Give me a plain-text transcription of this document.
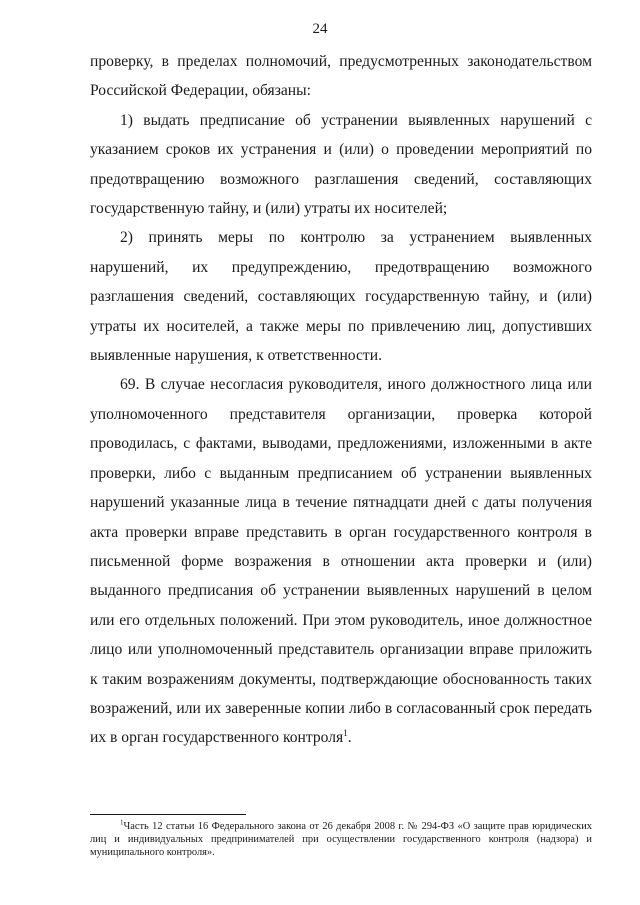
24

проверку, в пределах полномочий, предусмотренных законодательством Российской Федерации, обязаны:

1) выдать предписание об устранении выявленных нарушений с указанием сроков их устранения и (или) о проведении мероприятий по предотвращению возможного разглашения сведений, составляющих государственную тайну, и (или) утраты их носителей;

2) принять меры по контролю за устранением выявленных нарушений, их предупреждению, предотвращению возможного разглашения сведений, составляющих государственную тайну, и (или) утраты их носителей, а также меры по привлечению лиц, допустивших выявленные нарушения, к ответственности.

69. В случае несогласия руководителя, иного должностного лица или уполномоченного представителя организации, проверка которой проводилась, с фактами, выводами, предложениями, изложенными в акте проверки, либо с выданным предписанием об устранении выявленных нарушений указанные лица в течение пятнадцати дней с даты получения акта проверки вправе представить в орган государственного контроля в письменной форме возражения в отношении акта проверки и (или) выданного предписания об устранении выявленных нарушений в целом или его отдельных положений. При этом руководитель, иное должностное лицо или уполномоченный представитель организации вправе приложить к таким возражениям документы, подтверждающие обоснованность таких возражений, или их заверенные копии либо в согласованный срок передать их в орган государственного контроля$^1$.

$^1$Часть 12 статьи 16 Федерального закона от 26 декабря 2008 г. № 294-ФЗ «О защите прав юридических лиц и индивидуальных предпринимателей при осуществлении государственного контроля (надзора) и муниципального контроля».
